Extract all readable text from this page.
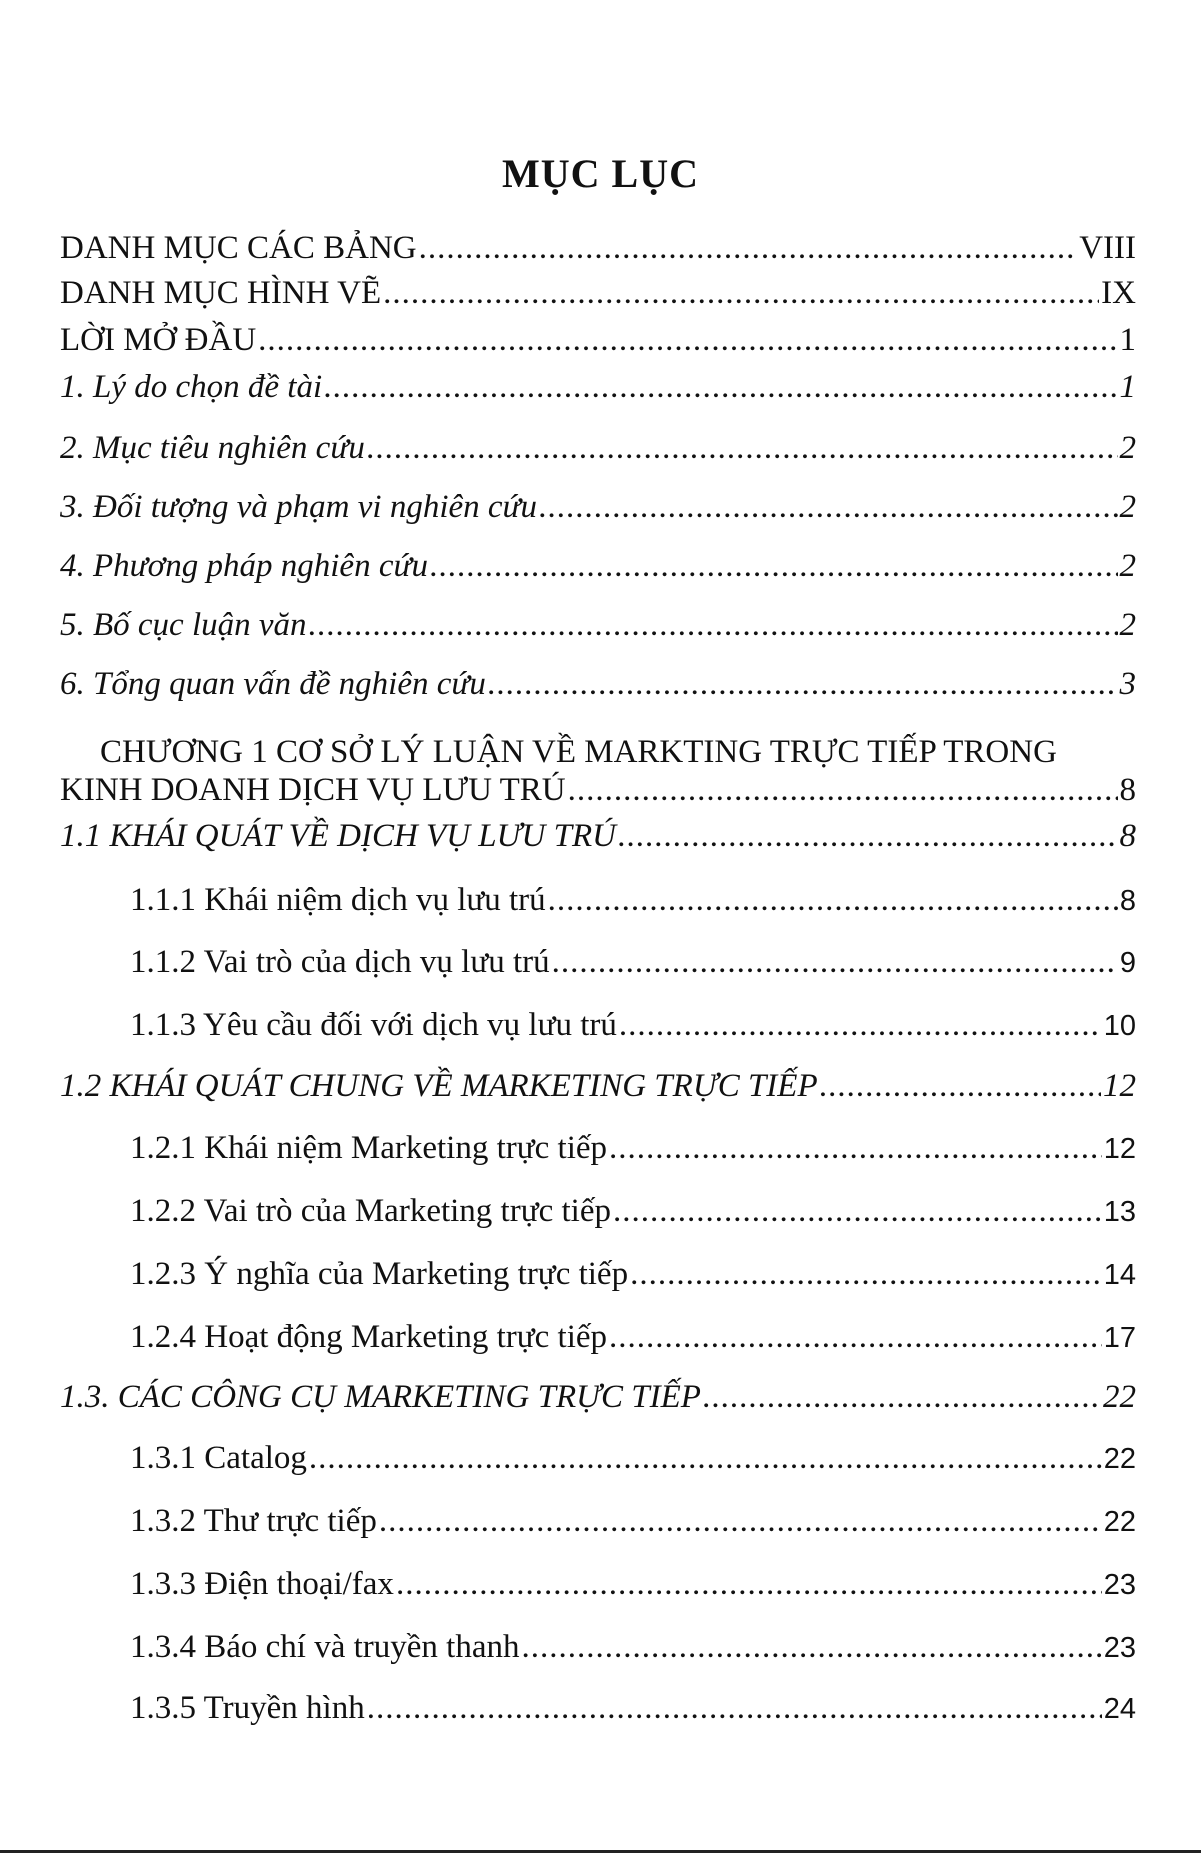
MỤC LỤC
DANH MỤC CÁC BẢNG .....	VIII
DANH MỤC HÌNH VẼ .....	IX
LỜI MỞ ĐẦU .....	1
1. Lý do chọn đề tài .....	1
2. Mục tiêu nghiên cứu .....	2
3. Đối tượng và phạm vi nghiên cứu .....	2
4. Phương pháp nghiên cứu .....	2
5. Bố cục luận văn .....	2
6. Tổng quan vấn đề nghiên cứu .....	3
CHƯƠNG 1 CƠ SỞ LÝ LUẬN VỀ MARKTING TRỰC TIẾP TRONG
KINH DOANH DỊCH VỤ LƯU TRÚ .....	8
1.1 KHÁI QUÁT VỀ DỊCH VỤ LƯU TRÚ .....	8
1.1.1 Khái niệm dịch vụ lưu trú .....	8
1.1.2 Vai trò của dịch vụ lưu trú .....	9
1.1.3 Yêu cầu đối với dịch vụ lưu trú .....	10
1.2 KHÁI QUÁT CHUNG VỀ MARKETING TRỰC TIẾP .....	12
1.2.1 Khái niệm Marketing trực tiếp .....	12
1.2.2 Vai trò của Marketing trực tiếp .....	13
1.2.3 Ý nghĩa của Marketing trực tiếp .....	14
1.2.4 Hoạt động Marketing trực tiếp .....	17
1.3. CÁC CÔNG CỤ MARKETING TRỰC TIẾP .....	22
1.3.1 Catalog .....	22
1.3.2 Thư trực tiếp .....	22
1.3.3 Điện thoại/fax .....	23
1.3.4 Báo chí và truyền thanh .....	23
1.3.5 Truyền hình .....	24
